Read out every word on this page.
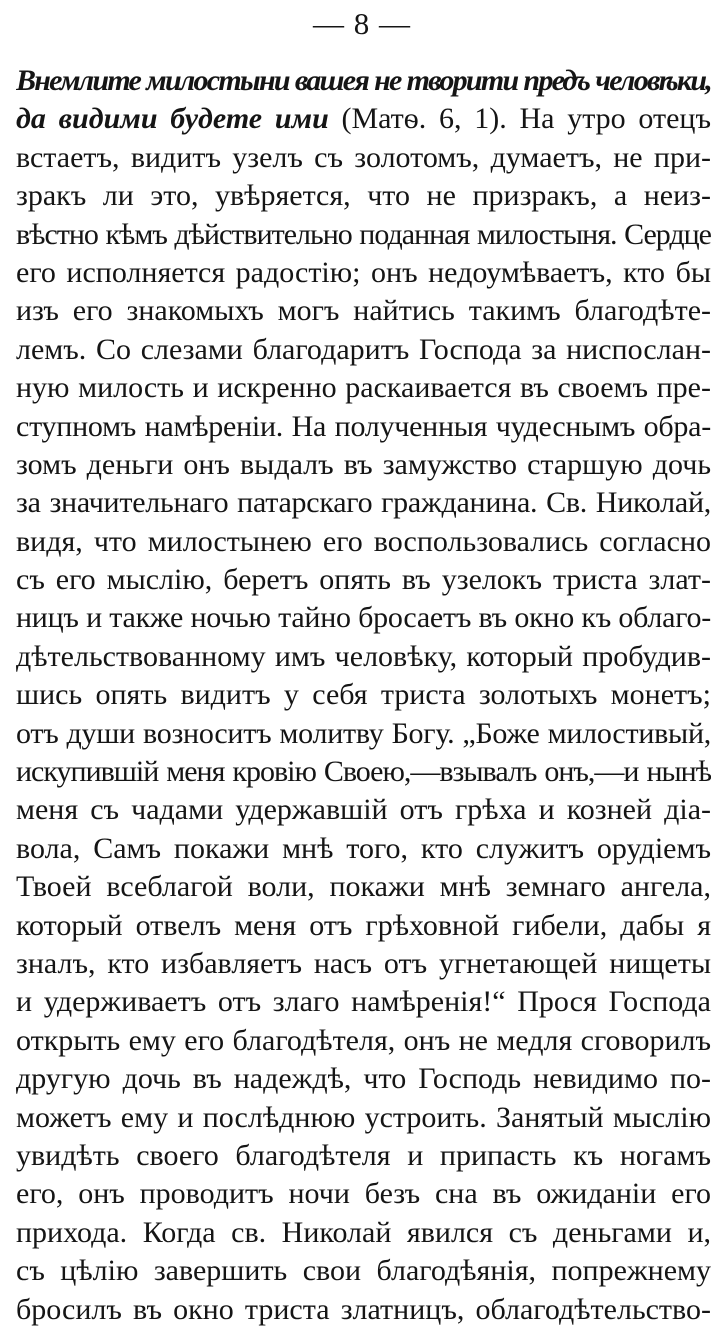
— 8 —
Внемлите милостыни вашея не творити предъ человѣки,
да видими будете ими (Матѳ. 6, 1). На утро отецъ
встаетъ, видитъ узелъ съ золотомъ, думаетъ, не при-
зракъ ли это, увѣряется, что не призракъ, а неиз-
вѣстно кѣмъ дѣйствительно поданная милостыня. Сердце
его исполняется радостію; онъ недоумѣваетъ, кто бы
изъ его знакомыхъ могъ найтись такимъ благодѣте-
лемъ. Со слезами благодаритъ Господа за ниспослан-
ную милость и искренно раскаивается въ своемъ пре-
ступномъ намѣреніи. На полученныя чудеснымъ обра-
зомъ деньги онъ выдалъ въ замужство старшую дочь
за значительнаго патарскаго гражданина. Св. Николай,
видя, что милостынею его воспользовались согласно
съ его мыслію, беретъ опять въ узелокъ триста злат-
ницъ и также ночью тайно бросаетъ въ окно къ облаго-
дѣтельствованному имъ человѣку, который пробудив-
шись опять видитъ у себя триста золотыхъ монетъ;
отъ души возноситъ молитву Богу. „Боже милостивый,
искупившій меня кровію Своею,—взывалъ онъ,—и нынѣ
меня съ чадами удержавшій отъ грѣха и козней діа-
вола, Самъ покажи мнѣ того, кто служитъ орудіемъ
Твоей всеблагой воли, покажи мнѣ земнаго ангела,
который отвелъ меня отъ грѣховной гибели, дабы я
зналъ, кто избавляетъ насъ отъ угнетающей нищеты
и удерживаетъ отъ злаго намѣренія!“ Прося Господа
открыть ему его благодѣтеля, онъ не медля сговорилъ
другую дочь въ надеждѣ, что Господь невидимо по-
можетъ ему и послѣднюю устроить. Занятый мыслію
увидѣть своего благодѣтеля и припасть къ ногамъ
его, онъ проводитъ ночи безъ сна въ ожиданіи его
прихода. Когда св. Николай явился съ деньгами и,
съ цѣлію завершить свои благодѣянія, попрежнему
бросилъ въ окно триста златницъ, облагодѣтельство-
